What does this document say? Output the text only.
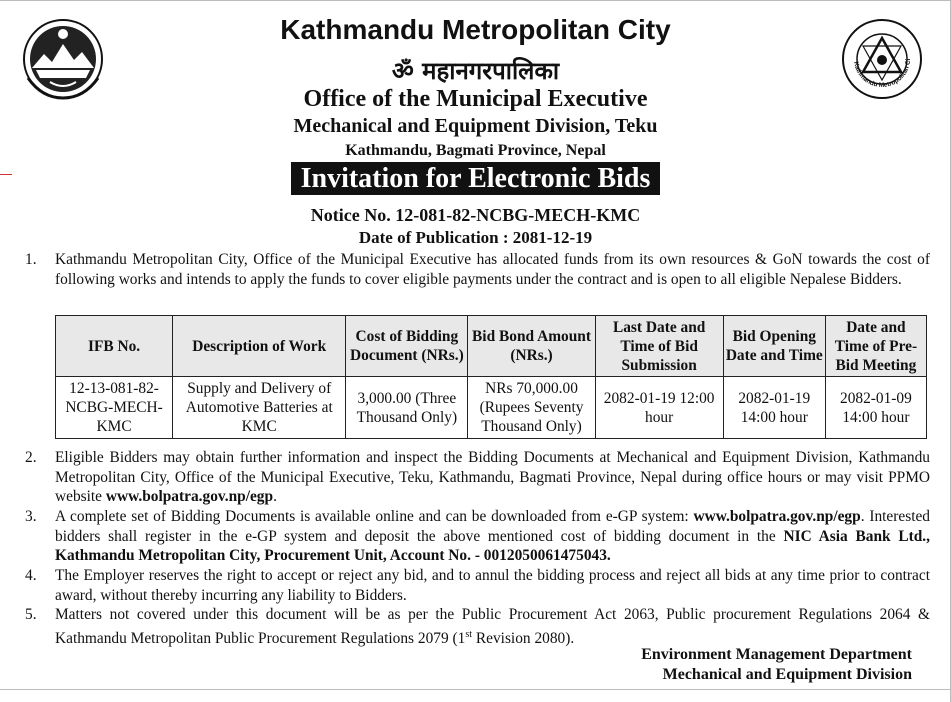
Kathmandu Metropolitan Ci
Kathmandu Metropolitan City
ॐ महानगरपालिका
Office of the Municipal Executive
Mechanical and Equipment Division, Teku
Kathmandu, Bagmati Province, Nepal
Invitation for Electronic Bids
Notice No. 12-081-82-NCBG-MECH-KMC
Date of Publication : 2081-12-19
1.	Kathmandu Metropolitan City, Office of the Municipal Executive has allocated funds from its own resources & GoN towards the cost of following works and intends to apply the funds to cover eligible payments under the contract and is open to all eligible Nepalese Bidders.
IFB No.	Description of Work	Cost of Bidding Document (NRs.)	Bid Bond Amount (NRs.)	Last Date and Time of Bid Submission	Bid Opening Date and Time	Date and Time of Pre-Bid Meeting
12-13-081-82-NCBG-MECH-KMC	Supply and Delivery of Automotive Batteries at KMC	3,000.00 (Three Thousand Only)	NRs 70,000.00 (Rupees Seventy Thousand Only)	2082-01-19 12:00 hour	2082-01-19 14:00 hour	2082-01-09 14:00 hour
2.	Eligible Bidders may obtain further information and inspect the Bidding Documents at Mechanical and Equipment Division, Kathmandu Metropolitan City, Office of the Municipal Executive, Teku, Kathmandu, Bagmati Province, Nepal during office hours or may visit PPMO website www.bolpatra.gov.np/egp.
3.	A complete set of Bidding Documents is available online and can be downloaded from e-GP system: www.bolpatra.gov.np/egp. Interested bidders shall register in the e-GP system and deposit the above mentioned cost of bidding document in the NIC Asia Bank Ltd., Kathmandu Metropolitan City, Procurement Unit, Account No. - 0012050061475043.
4.	The Employer reserves the right to accept or reject any bid, and to annul the bidding process and reject all bids at any time prior to contract award, without thereby incurring any liability to Bidders.
5.	Matters not covered under this document will be as per the Public Procurement Act 2063, Public procurement Regulations 2064 & Kathmandu Metropolitan Public Procurement Regulations 2079 (1st Revision 2080).
Environment Management Department
Mechanical and Equipment Division
